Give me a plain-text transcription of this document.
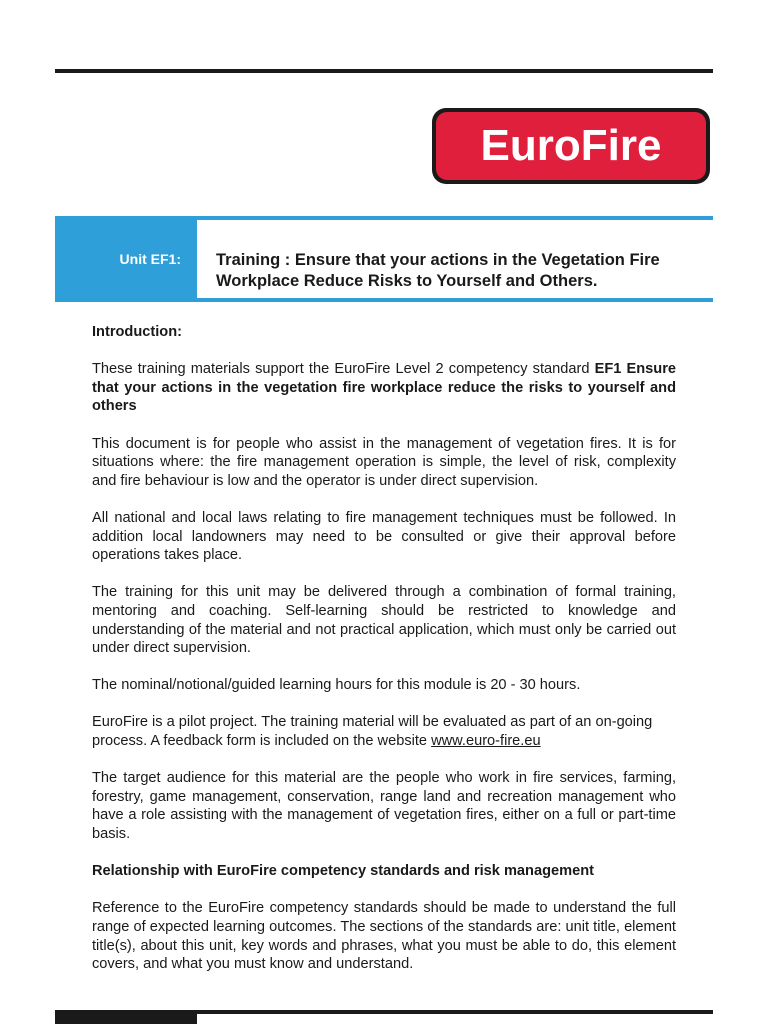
EuroFire
Unit EF1: Training : Ensure that your actions in the Vegetation Fire Workplace Reduce Risks to Yourself and Others.

Introduction:

These training materials support the EuroFire Level 2 competency standard EF1 Ensure that your actions in the vegetation fire workplace reduce the risks to yourself and others

This document is for people who assist in the management of vegetation fires. It is for situations where: the fire management operation is simple, the level of risk, complexity and fire behaviour is low and the operator is under direct supervision.

All national and local laws relating to fire management techniques must be followed. In addition local landowners may need to be consulted or give their approval before operations takes place.

The training for this unit may be delivered through a combination of formal training, mentoring and coaching. Self-learning should be restricted to knowledge and understanding of the material and not practical application, which must only be carried out under direct supervision.

The nominal/notional/guided learning hours for this module is 20 - 30 hours.

EuroFire is a pilot project. The training material will be evaluated as part of an on-going process. A feedback form is included on the website www.euro-fire.eu

The target audience for this material are the people who work in fire services, farming, forestry, game management, conservation, range land and recreation management who have a role assisting with the management of vegetation fires, either on a full or part-time basis.

Relationship with EuroFire competency standards and risk management

Reference to the EuroFire competency standards should be made to understand the full range of expected learning outcomes. The sections of the standards are: unit title, element title(s), about this unit, key words and phrases, what you must be able to do, this element covers, and what you must know and understand.
